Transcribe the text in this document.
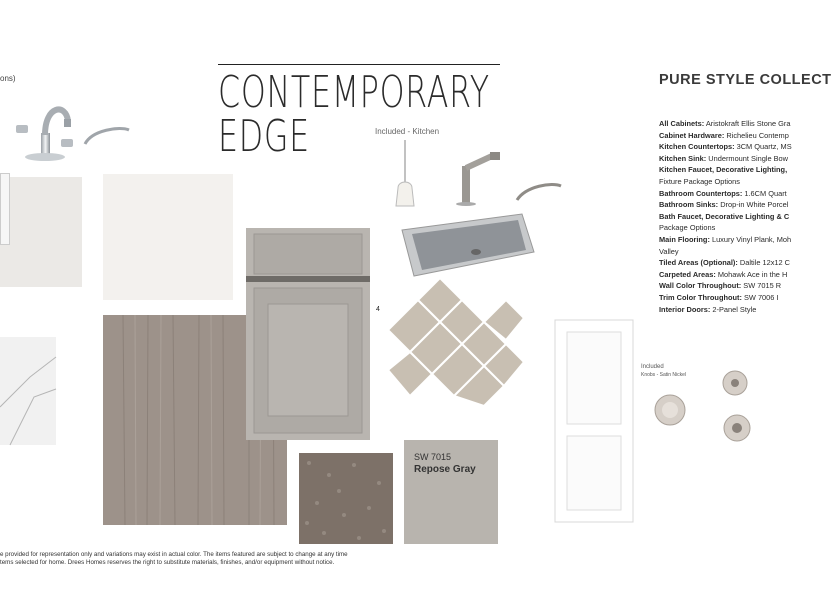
ons)
4
SW 7015
Repose Gray
CONTEMPORARY
EDGE	Included - Kitchen
Included
Knobs - Satin Nickel
PURE STYLE COLLECT
All Cabinets: Aristokraft Ellis Stone Gra
Cabinet Hardware: Richelieu Contemp
Kitchen Countertops: 3CM Quartz, MS
Kitchen Sink: Undermount Single Bow
Kitchen Faucet, Decorative Lighting, Fixture Package Options
Bathroom Countertops: 1.6CM Quart
Bathroom Sinks: Drop-in White Porcel
Bath Faucet, Decorative Lighting & C Package Options
Main Flooring: Luxury Vinyl Plank, Moh Valley
Tiled Areas (Optional): Daltile 12x12 C
Carpeted Areas: Mohawk Ace in the H
Wall Color Throughout: SW 7015 R
Trim Color Throughout: SW 7006 I
Interior Doors: 2-Panel Style
e provided for representation only and variations may exist in actual color. The items featured are subject to change at any time
tems selected for home. Drees Homes reserves the right to substitute materials, finishes, and/or equipment without notice.
